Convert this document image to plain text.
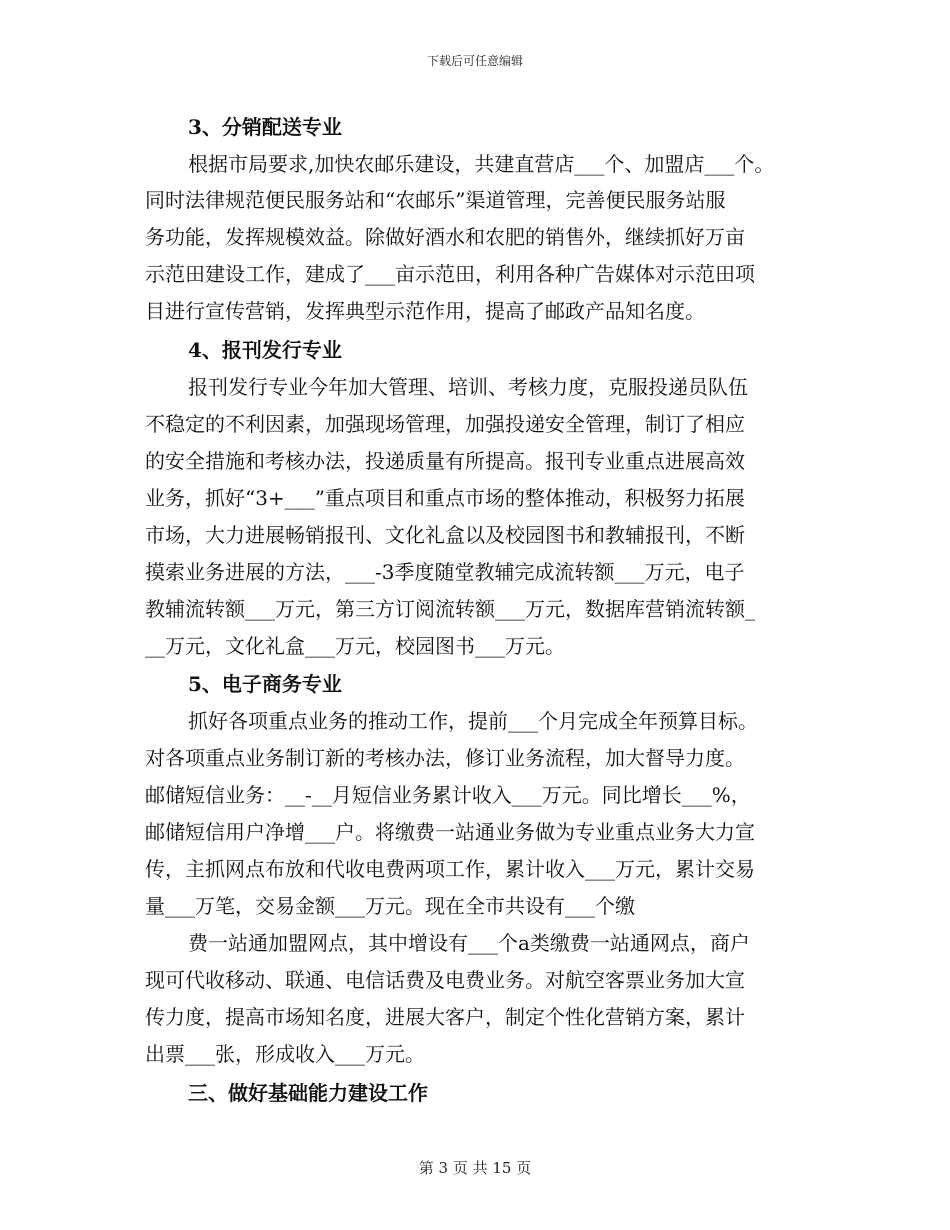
下载后可任意编辑
3、分销配送专业
根据市局要求,加快农邮乐建设，共建直营店___个、加盟店___个。
同时法律规范便民服务站和“农邮乐”渠道管理，完善便民服务站服
务功能，发挥规模效益。除做好酒水和农肥的销售外，继续抓好万亩
示范田建设工作，建成了___亩示范田，利用各种广告媒体对示范田项
目进行宣传营销，发挥典型示范作用，提高了邮政产品知名度。
4、报刊发行专业
报刊发行专业今年加大管理、培训、考核力度，克服投递员队伍
不稳定的不利因素，加强现场管理，加强投递安全管理，制订了相应
的安全措施和考核办法，投递质量有所提高。报刊专业重点进展高效
业务，抓好“3+___”重点项目和重点市场的整体推动，积极努力拓展
市场，大力进展畅销报刊、文化礼盒以及校园图书和教辅报刊，不断
摸索业务进展的方法，___-3季度随堂教辅完成流转额___万元，电子
教辅流转额___万元，第三方订阅流转额___万元，数据库营销流转额_
__万元，文化礼盒___万元，校园图书___万元。
5、电子商务专业
抓好各项重点业务的推动工作，提前___个月完成全年预算目标。
对各项重点业务制订新的考核办法，修订业务流程，加大督导力度。
邮储短信业务：__-__月短信业务累计收入___万元。同比增长___%，
邮储短信用户净增___户。将缴费一站通业务做为专业重点业务大力宣
传，主抓网点布放和代收电费两项工作，累计收入___万元，累计交易
量___万笔，交易金额___万元。现在全市共设有___个缴
费一站通加盟网点，其中增设有___个a类缴费一站通网点，商户
现可代收移动、联通、电信话费及电费业务。对航空客票业务加大宣
传力度，提高市场知名度，进展大客户，制定个性化营销方案，累计
出票___张，形成收入___万元。
三、做好基础能力建设工作
第 3 页 共 15 页
